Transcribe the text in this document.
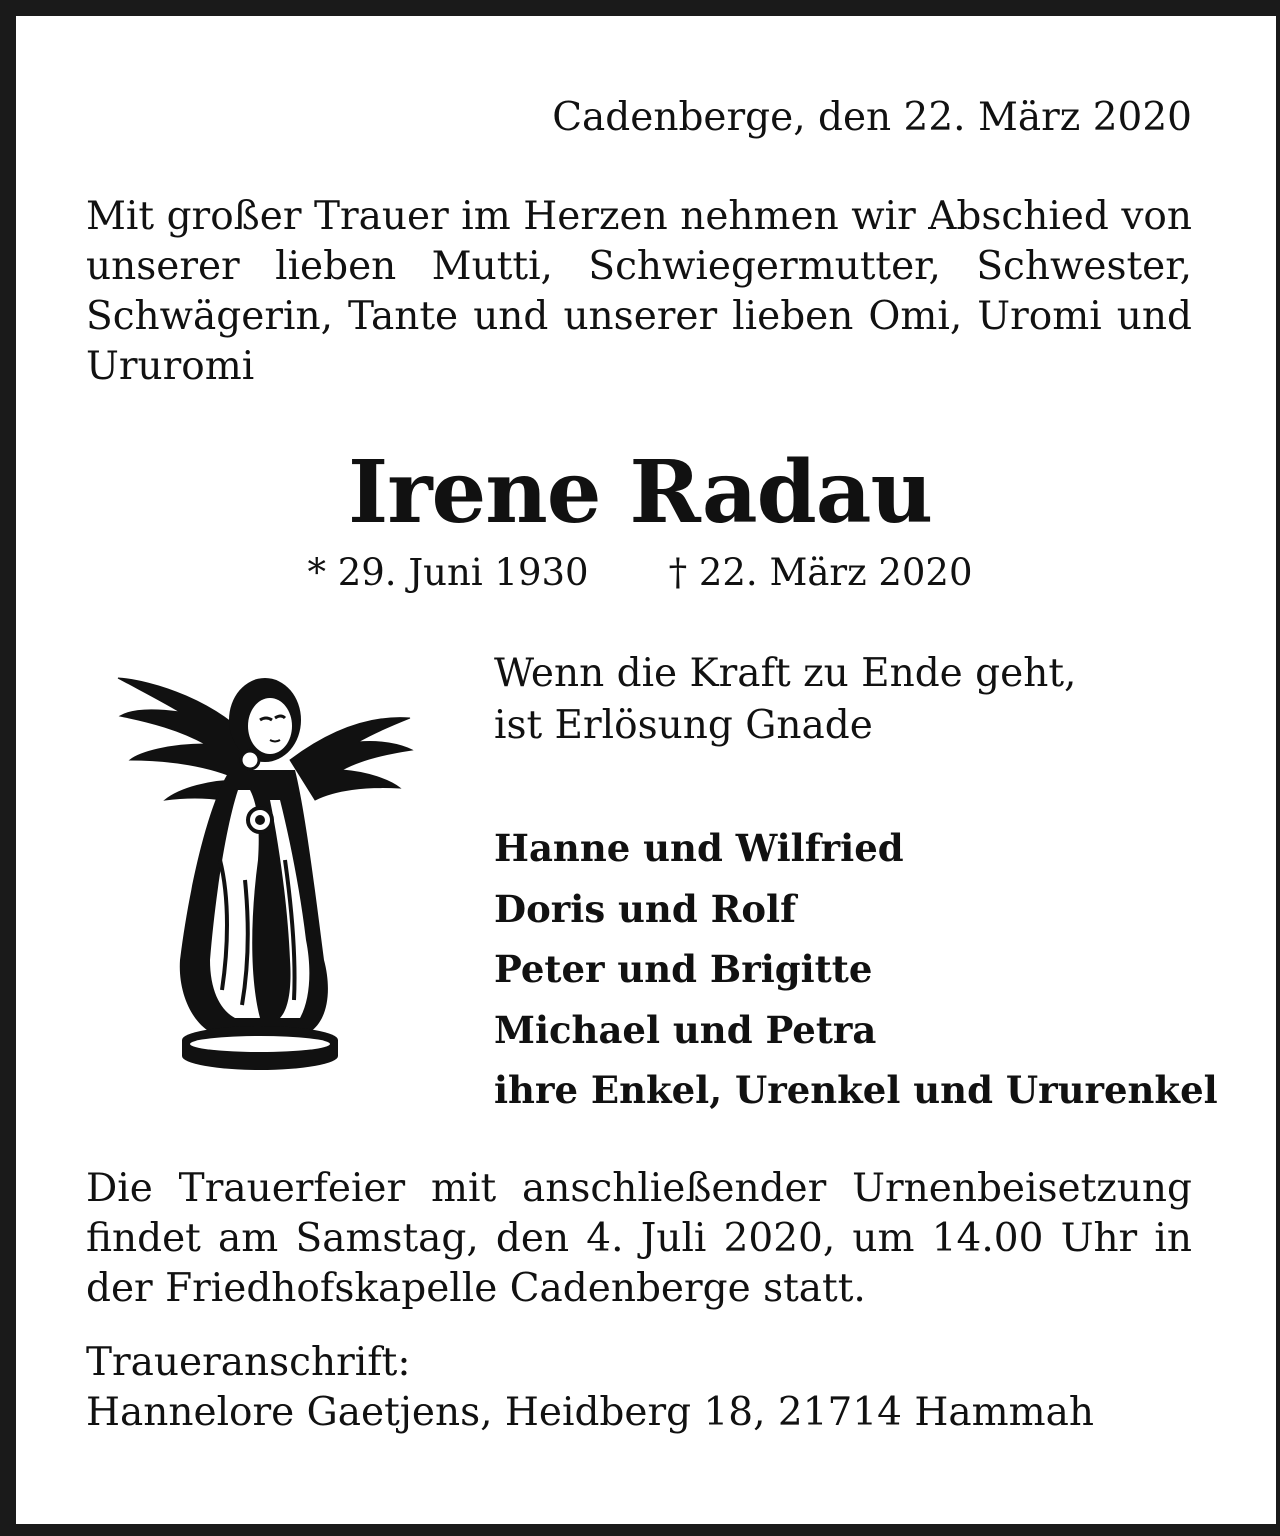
Cadenberge, den 22. März 2020

Mit großer Trauer im Herzen nehmen wir Abschied von unserer lieben Mutti, Schwiegermutter, Schwester, Schwägerin, Tante und unserer lieben Omi, Uromi und Ururomi

Irene Radau
* 29. Juni 1930 † 22. März 2020
Wenn die Kraft zu Ende geht,
ist Erlösung Gnade
Hanne und Wilfried
Doris und Rolf
Peter und Brigitte
Michael und Petra
ihre Enkel, Urenkel und Ururenkel

Die Trauerfeier mit anschließender Urnenbeisetzung findet am Samstag, den 4. Juli 2020, um 14.00 Uhr in der Friedhofskapelle Cadenberge statt.

Traueranschrift:
Hannelore Gaetjens, Heidberg 18, 21714 Hammah
